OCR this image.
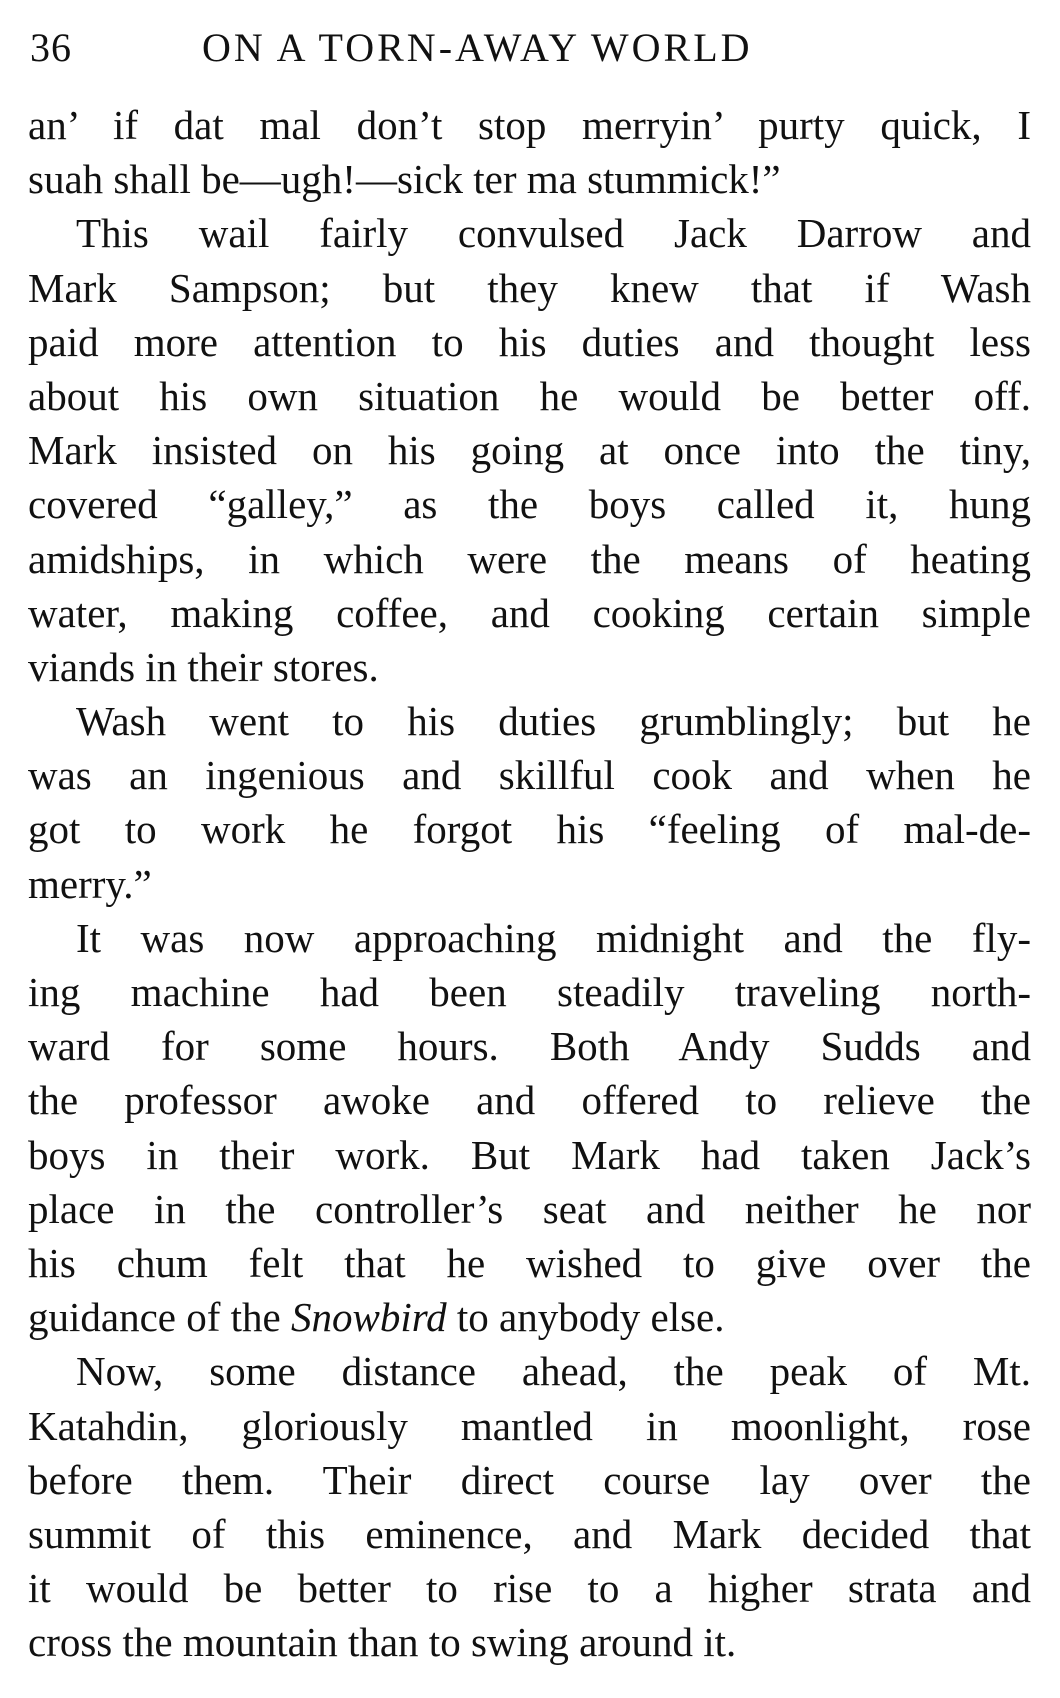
36	ON A TORN-AWAY WORLD
an’ if dat mal don’t stop merryin’ purty quick, I
suah shall be—ugh!—sick ter ma stummick!”
This wail fairly convulsed Jack Darrow and
Mark Sampson; but they knew that if Wash
paid more attention to his duties and thought less
about his own situation he would be better off.
Mark insisted on his going at once into the tiny,
covered “galley,” as the boys called it, hung
amidships, in which were the means of heating
water, making coffee, and cooking certain simple
viands in their stores.
Wash went to his duties grumblingly; but he
was an ingenious and skillful cook and when he
got to work he forgot his “feeling of mal-de-
merry.”
It was now approaching midnight and the fly-
ing machine had been steadily traveling north-
ward for some hours. Both Andy Sudds and
the professor awoke and offered to relieve the
boys in their work. But Mark had taken Jack’s
place in the controller’s seat and neither he nor
his chum felt that he wished to give over the
guidance of the Snowbird to anybody else.
Now, some distance ahead, the peak of Mt.
Katahdin, gloriously mantled in moonlight, rose
before them. Their direct course lay over the
summit of this eminence, and Mark decided that
it would be better to rise to a higher strata and
cross the mountain than to swing around it.
